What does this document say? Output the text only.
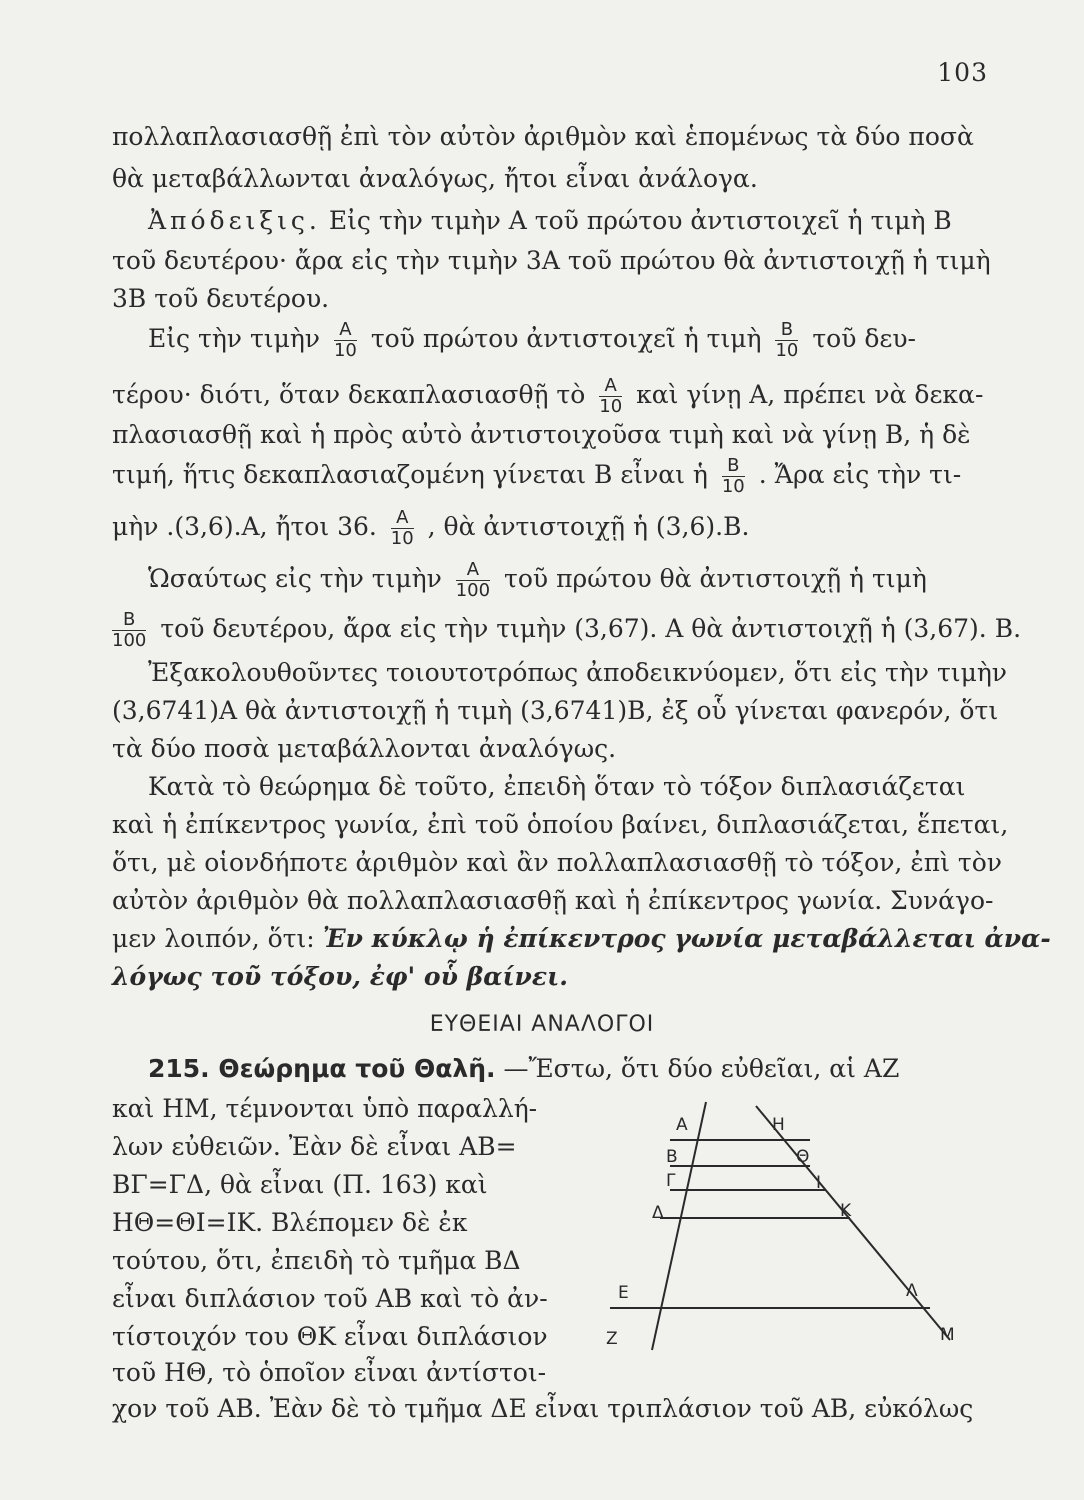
103
πολλαπλασιασθῇ ἐπὶ τὸν αὐτὸν ἀριθμὸν καὶ ἑπομένως τὰ δύο ποσὰ
θὰ μεταβάλλωνται ἀναλόγως, ἤτοι εἶναι ἀνάλογα.
Ἀπόδειξις. Εἰς τὴν τιμὴν Α τοῦ πρώτου ἀντιστοιχεῖ ἡ τιμὴ Β
τοῦ δευτέρου· ἄρα εἰς τὴν τιμὴν 3Α τοῦ πρώτου θὰ ἀντιστοιχῇ ἡ τιμὴ
3Β τοῦ δευτέρου.
Εἰς τὴν τιμὴν $\frac{A}{10}$ τοῦ πρώτου ἀντιστοιχεῖ ἡ τιμὴ $\frac{B}{10}$ τοῦ δευ-
τέρου· διότι, ὅταν δεκαπλασιασθῇ τὸ $\frac{A}{10}$ καὶ γίνῃ Α, πρέπει νὰ δεκα-
πλασιασθῇ καὶ ἡ πρὸς αὐτὸ ἀντιστοιχοῦσα τιμὴ καὶ νὰ γίνῃ Β, ἡ δὲ
τιμή, ἥτις δεκαπλασιαζομένη γίνεται Β εἶναι ἡ $\frac{B}{10}$ . Ἄρα εἰς τὴν τι-
μὴν .(3,6).Α, ἤτοι 36. $\frac{A}{10}$ , θὰ ἀντιστοιχῇ ἡ (3,6).Β.
Ὡσαύτως εἰς τὴν τιμὴν $\frac{A}{100}$ τοῦ πρώτου θὰ ἀντιστοιχῇ ἡ τιμὴ
$\frac{B}{100}$ τοῦ δευτέρου, ἄρα εἰς τὴν τιμὴν (3,67). Α θὰ ἀντιστοιχῇ ἡ (3,67). Β.
Ἐξακολουθοῦντες τοιουτοτρόπως ἀποδεικνύομεν, ὅτι εἰς τὴν τιμὴν
(3,6741)Α θὰ ἀντιστοιχῇ ἡ τιμὴ (3,6741)Β, ἐξ οὗ γίνεται φανερόν, ὅτι
τὰ δύο ποσὰ μεταβάλλονται ἀναλόγως.
Κατὰ τὸ θεώρημα δὲ τοῦτο, ἐπειδὴ ὅταν τὸ τόξον διπλασιάζεται
καὶ ἡ ἐπίκεντρος γωνία, ἐπὶ τοῦ ὁποίου βαίνει, διπλασιάζεται, ἕπεται,
ὅτι, μὲ οἱονδήποτε ἀριθμὸν καὶ ἂν πολλαπλασιασθῇ τὸ τόξον, ἐπὶ τὸν
αὐτὸν ἀριθμὸν θὰ πολλαπλασιασθῇ καὶ ἡ ἐπίκεντρος γωνία. Συνάγο-
μεν λοιπόν, ὅτι: Ἐν κύκλῳ ἡ ἐπίκεντρος γωνία μεταβάλλεται ἀνα-
λόγως τοῦ τόξου, ἐφ' οὗ βαίνει.
ΕΥΘΕΙΑΙ ΑΝΑΛΟΓΟΙ
215. Θεώρημα τοῦ Θαλῆ. —Ἔστω, ὅτι δύο εὐθεῖαι, αἱ ΑΖ
καὶ ΗΜ, τέμνονται ὑπὸ παραλλή-
λων εὐθειῶν. Ἐὰν δὲ εἶναι ΑΒ=
ΒΓ=ΓΔ, θὰ εἶναι (Π. 163) καὶ
ΗΘ=ΘΙ=ΙΚ. Βλέπομεν δὲ ἐκ
τούτου, ὅτι, ἐπειδὴ τὸ τμῆμα ΒΔ
εἶναι διπλάσιον τοῦ ΑΒ καὶ τὸ ἀν-
τίστοιχόν του ΘΚ εἶναι διπλάσιον
τοῦ ΗΘ, τὸ ὁποῖον εἶναι ἀντίστοι-
χον τοῦ ΑΒ. Ἐὰν δὲ τὸ τμῆμα ΔΕ εἶναι τριπλάσιον τοῦ ΑΒ, εὐκόλως
A
B
Γ
Δ
E
Z
H
Θ
I
K
Λ
M
